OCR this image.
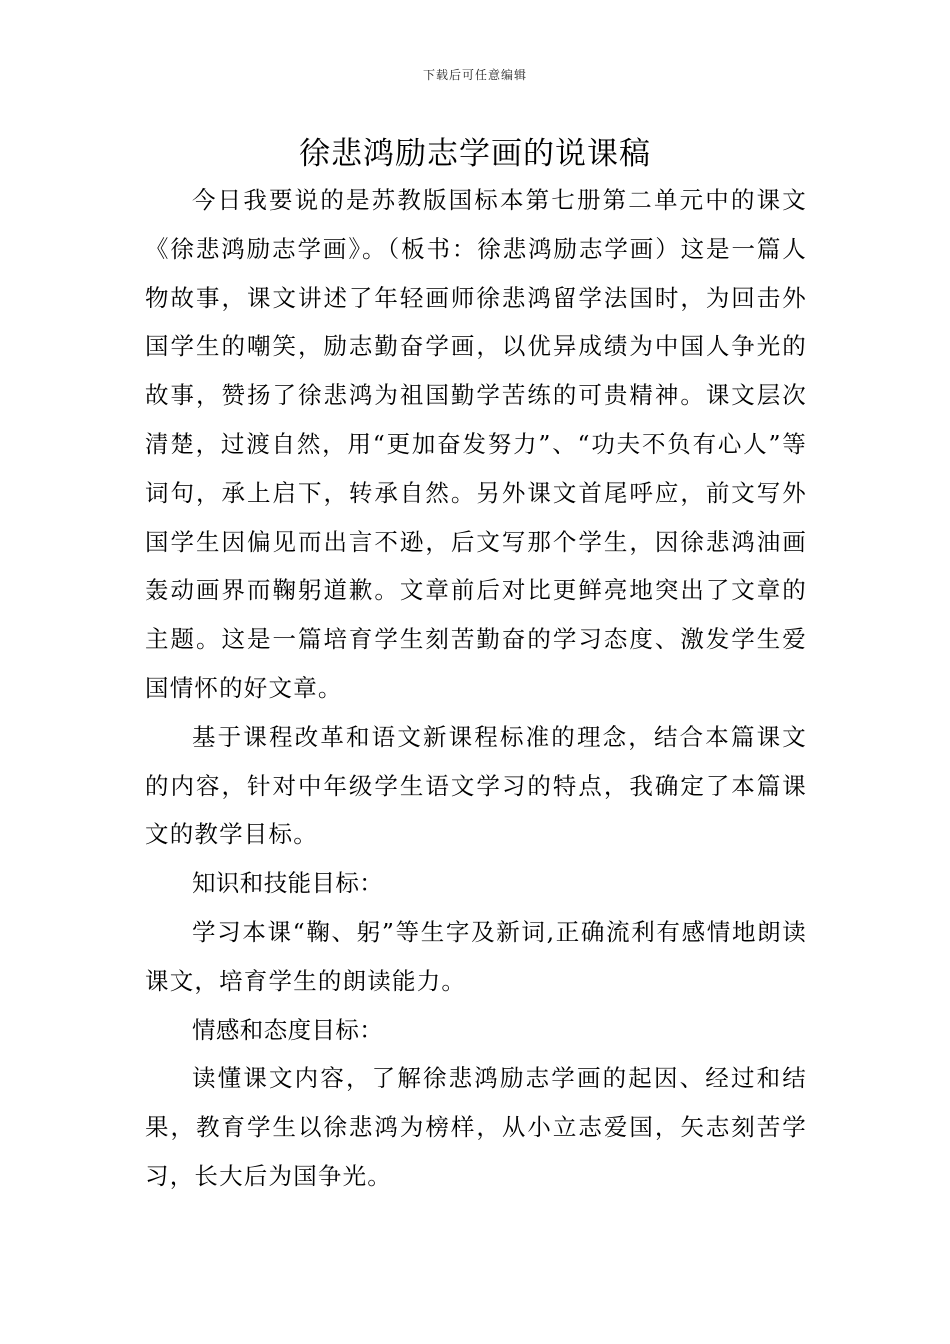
下载后可任意编辑
徐悲鸿励志学画的说课稿

今日我要说的是苏教版国标本第七册第二单元中的课文《徐悲鸿励志学画》。（板书：徐悲鸿励志学画）这是一篇人物故事，课文讲述了年轻画师徐悲鸿留学法国时，为回击外国学生的嘲笑，励志勤奋学画，以优异成绩为中国人争光的故事，赞扬了徐悲鸿为祖国勤学苦练的可贵精神。课文层次清楚，过渡自然，用“更加奋发努力”、“功夫不负有心人”等词句，承上启下，转承自然。另外课文首尾呼应，前文写外国学生因偏见而出言不逊，后文写那个学生，因徐悲鸿油画轰动画界而鞠躬道歉。文章前后对比更鲜亮地突出了文章的主题。这是一篇培育学生刻苦勤奋的学习态度、激发学生爱国情怀的好文章。

基于课程改革和语文新课程标准的理念，结合本篇课文的内容，针对中年级学生语文学习的特点，我确定了本篇课文的教学目标。

知识和技能目标：

学习本课“鞠、躬”等生字及新词,正确流利有感情地朗读课文，培育学生的朗读能力。

情感和态度目标：

读懂课文内容，了解徐悲鸿励志学画的起因、经过和结果，教育学生以徐悲鸿为榜样，从小立志爱国，矢志刻苦学习，长大后为国争光。
